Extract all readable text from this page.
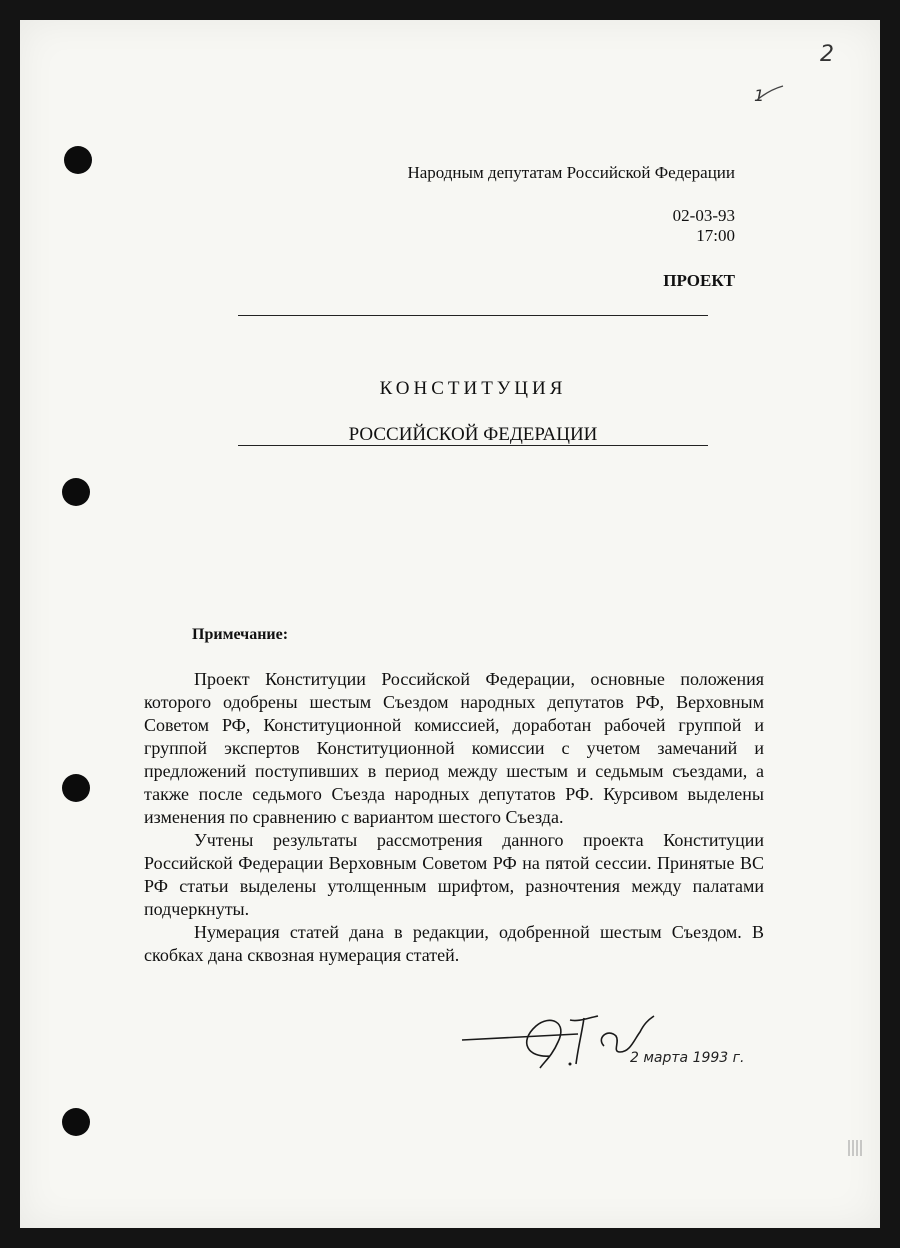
2
1
Народным депутатам Российской Федерации
02-03-93
17:00
ПРОЕКТ
КОНСТИТУЦИЯ
РОССИЙСКОЙ ФЕДЕРАЦИИ
Примечание:

Проект Конституции Российской Федерации, основные положения которого одобрены шестым Съездом народных депутатов РФ, Верховным Советом РФ, Конституционной комиссией, доработан рабочей группой и группой экспертов Конституционной комиссии с учетом замечаний и предложений поступивших в период между шестым и седьмым съездами, а также после седьмого Съезда народных депутатов РФ. Курсивом выделены изменения по сравнению с вариантом шестого Съезда.

Учтены результаты рассмотрения данного проекта Конституции Российской Федерации Верховным Советом РФ на пятой сессии. Принятые ВС РФ статьи выделены утолщенным шрифтом, разночтения между палатами подчеркнуты.

Нумерация статей дана в редакции, одобренной шестым Съездом. В скобках дана сквозная нумерация статей.

2 марта 1993 г.
